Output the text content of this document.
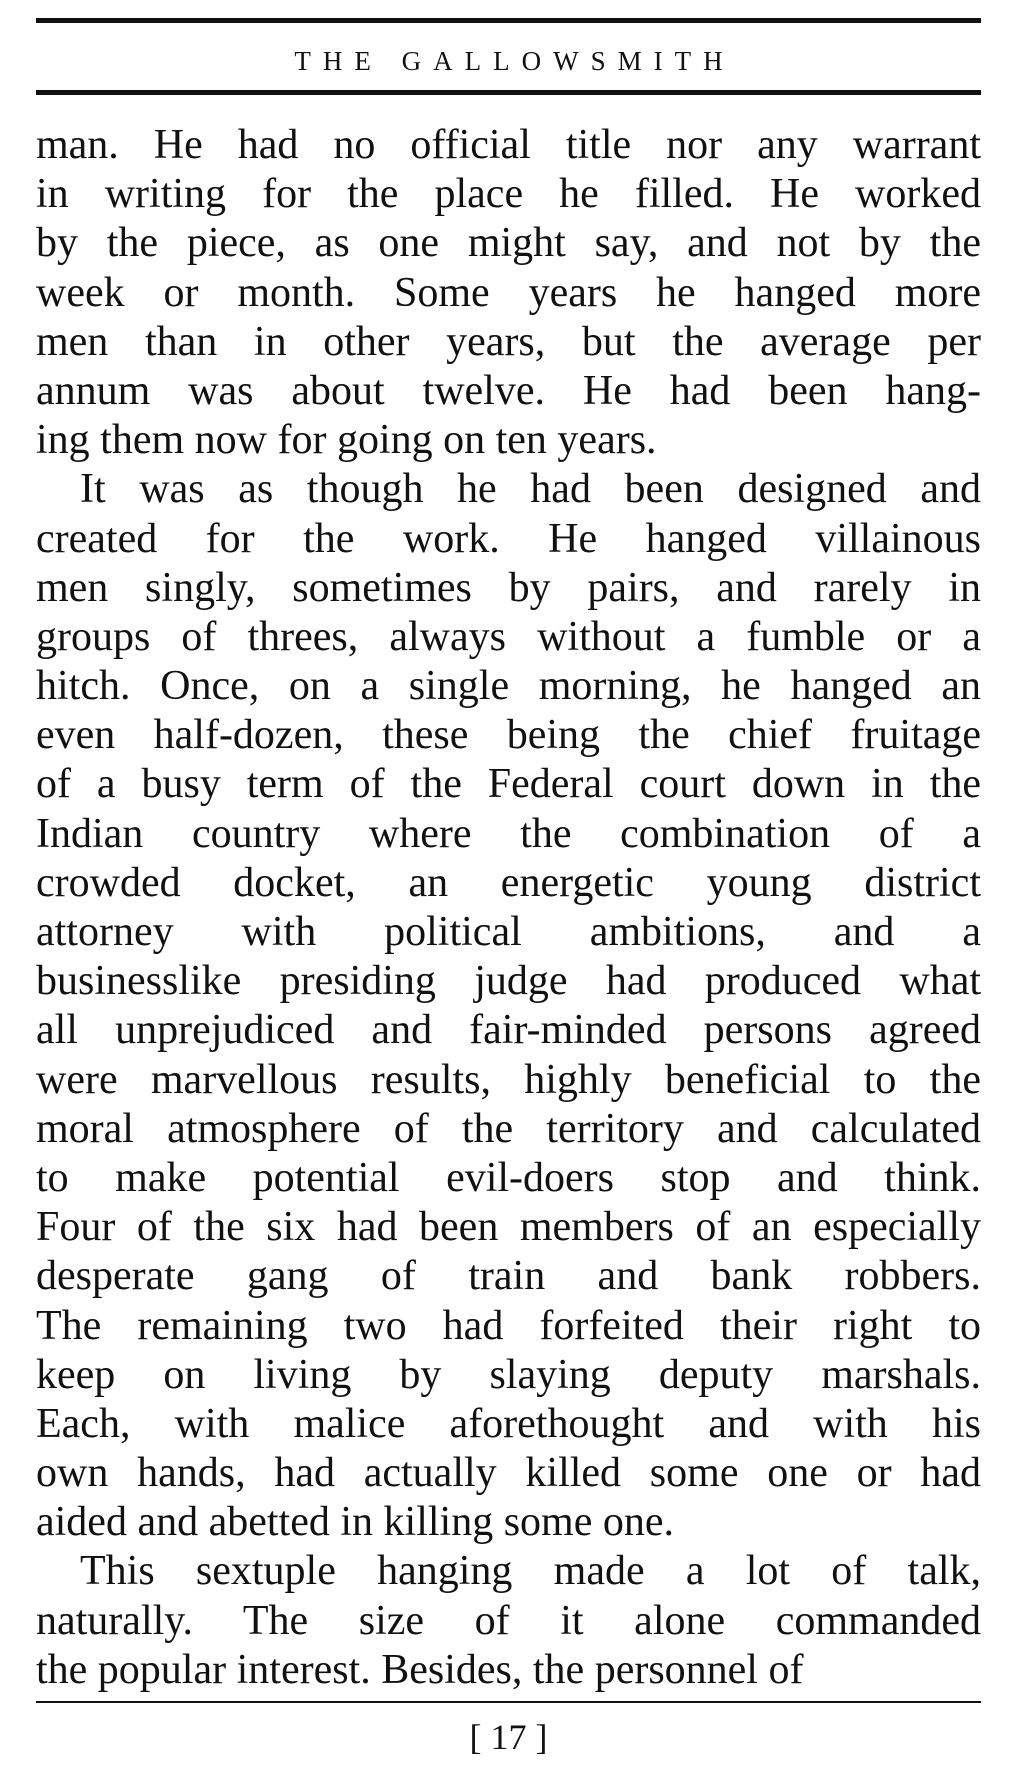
THE GALLOWSMITH
man. He had no official title nor any warrant
in writing for the place he filled. He worked
by the piece, as one might say, and not by the
week or month. Some years he hanged more
men than in other years, but the average per
annum was about twelve. He had been hang-
ing them now for going on ten years.
It was as though he had been designed and
created for the work. He hanged villainous
men singly, sometimes by pairs, and rarely in
groups of threes, always without a fumble or a
hitch. Once, on a single morning, he hanged an
even half-dozen, these being the chief fruitage
of a busy term of the Federal court down in the
Indian country where the combination of a
crowded docket, an energetic young district
attorney with political ambitions, and a
businesslike presiding judge had produced what
all unprejudiced and fair-minded persons agreed
were marvellous results, highly beneficial to the
moral atmosphere of the territory and calculated
to make potential evil-doers stop and think.
Four of the six had been members of an especially
desperate gang of train and bank robbers.
The remaining two had forfeited their right to
keep on living by slaying deputy marshals.
Each, with malice aforethought and with his
own hands, had actually killed some one or had
aided and abetted in killing some one.
This sextuple hanging made a lot of talk,
naturally. The size of it alone commanded
the popular interest. Besides, the personnel of
[ 17 ]
